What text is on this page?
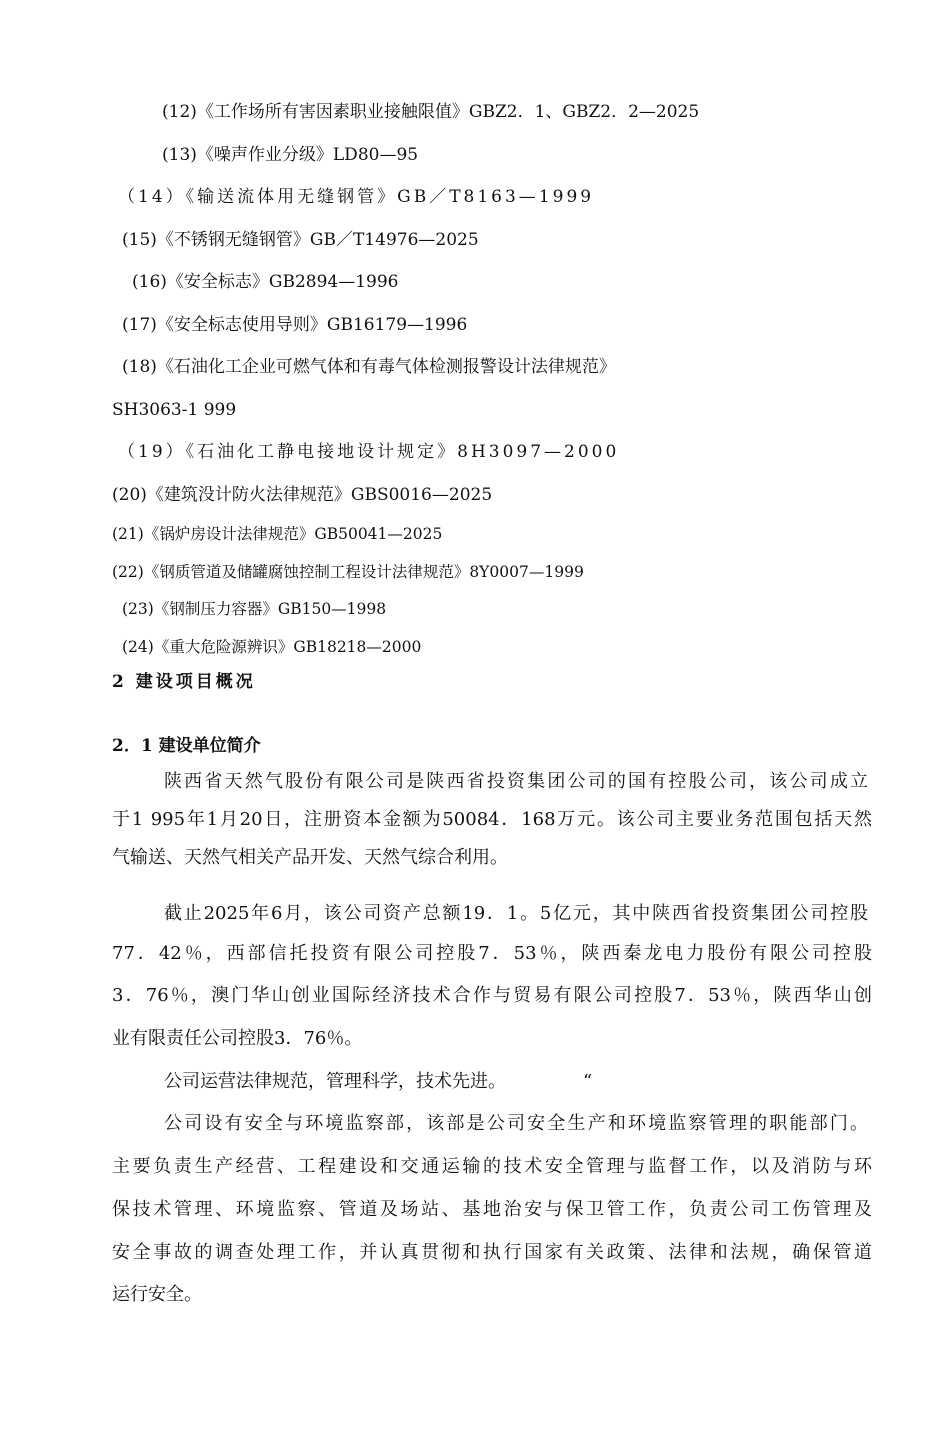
(12)《工作场所有害因素职业接触限值》GBZ2．1、GBZ2．2—2025
(13)《噪声作业分级》LD80—95
（14）《输送流体用无缝钢管》GB／T8163—1999
(15)《不锈钢无缝钢管》GB／T14976—2025
(16)《安全标志》GB2894—1996
(17)《安全标志使用导则》GB16179—1996
(18)《石油化工企业可燃气体和有毒气体检测报警设计法律规范》
SH3063-1 999
（19）《石油化工静电接地设计规定》8H3097—2000
(20)《建筑没计防火法律规范》GBS0016—2025
(21)《锅炉房设计法律规范》GB50041—2025
(22)《钢质管道及储罐腐蚀控制工程设计法律规范》8Y0007—1999
(23)《钢制压力容器》GB150—1998
(24)《重大危险源辨识》GB18218—2000
2 建设项目概况
2．1 建设单位简介
陕西省天然气股份有限公司是陕西省投资集团公司的国有控股公司，该公司成立
于1 995年1月20日，注册资本金额为50084．168万元。该公司主要业务范围包括天然
气输送、天然气相关产品开发、天然气综合利用。
截止2025年6月，该公司资产总额19．1。5亿元，其中陕西省投资集团公司控股
77．42％，西部信托投资有限公司控股7．53％，陕西秦龙电力股份有限公司控股
3．76％，澳门华山创业国际经济技术合作与贸易有限公司控股7．53％，陕西华山创
业有限责任公司控股3．76％。
公司运营法律规范，管理科学，技术先进。	“
公司设有安全与环境监察部，该部是公司安全生产和环境监察管理的职能部门。
主要负责生产经营、工程建设和交通运输的技术安全管理与监督工作，以及消防与环
保技术管理、环境监察、管道及场站、基地治安与保卫管工作，负责公司工伤管理及
安全事故的调查处理工作，并认真贯彻和执行国家有关政策、法律和法规，确保管道
运行安全。
